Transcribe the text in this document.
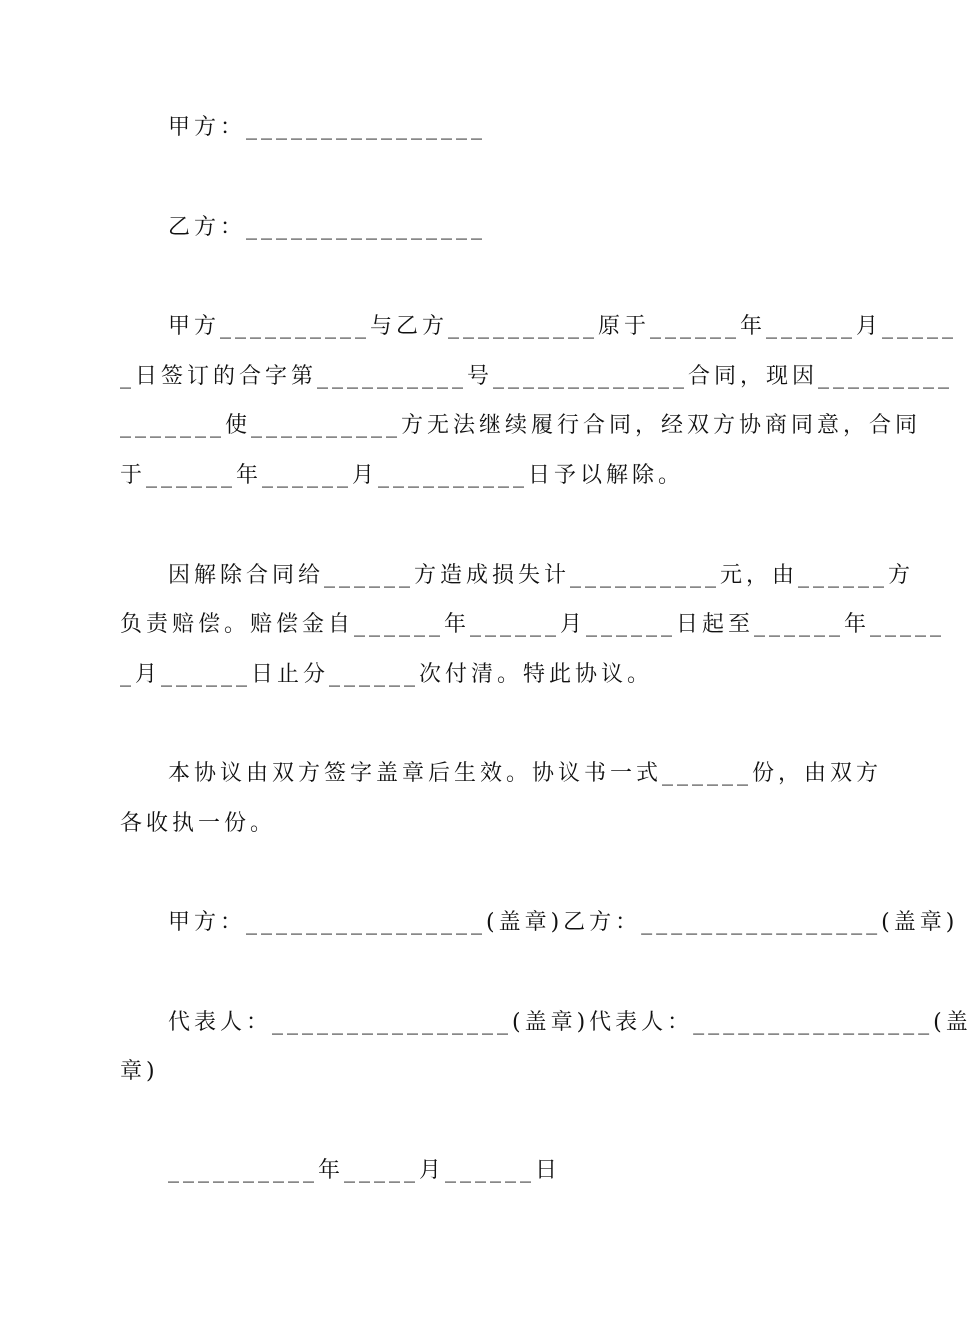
甲方：________________
乙方：________________
甲方__________与乙方__________原于______年______月_____
_日签订的合字第__________号_____________合同，现因_________
_______使__________方无法继续履行合同，经双方协商同意，合同
于______年______月__________日予以解除。
因解除合同给______方造成损失计__________元，由______方
负责赔偿。赔偿金自______年______月______日起至______年_____
_月______日止分______次付清。特此协议。
本协议由双方签字盖章后生效。协议书一式______份，由双方
各收执一份。
甲方：________________(盖章)乙方：________________(盖章)
代表人：________________(盖章)代表人：________________(盖
章)
__________年_____月______日
